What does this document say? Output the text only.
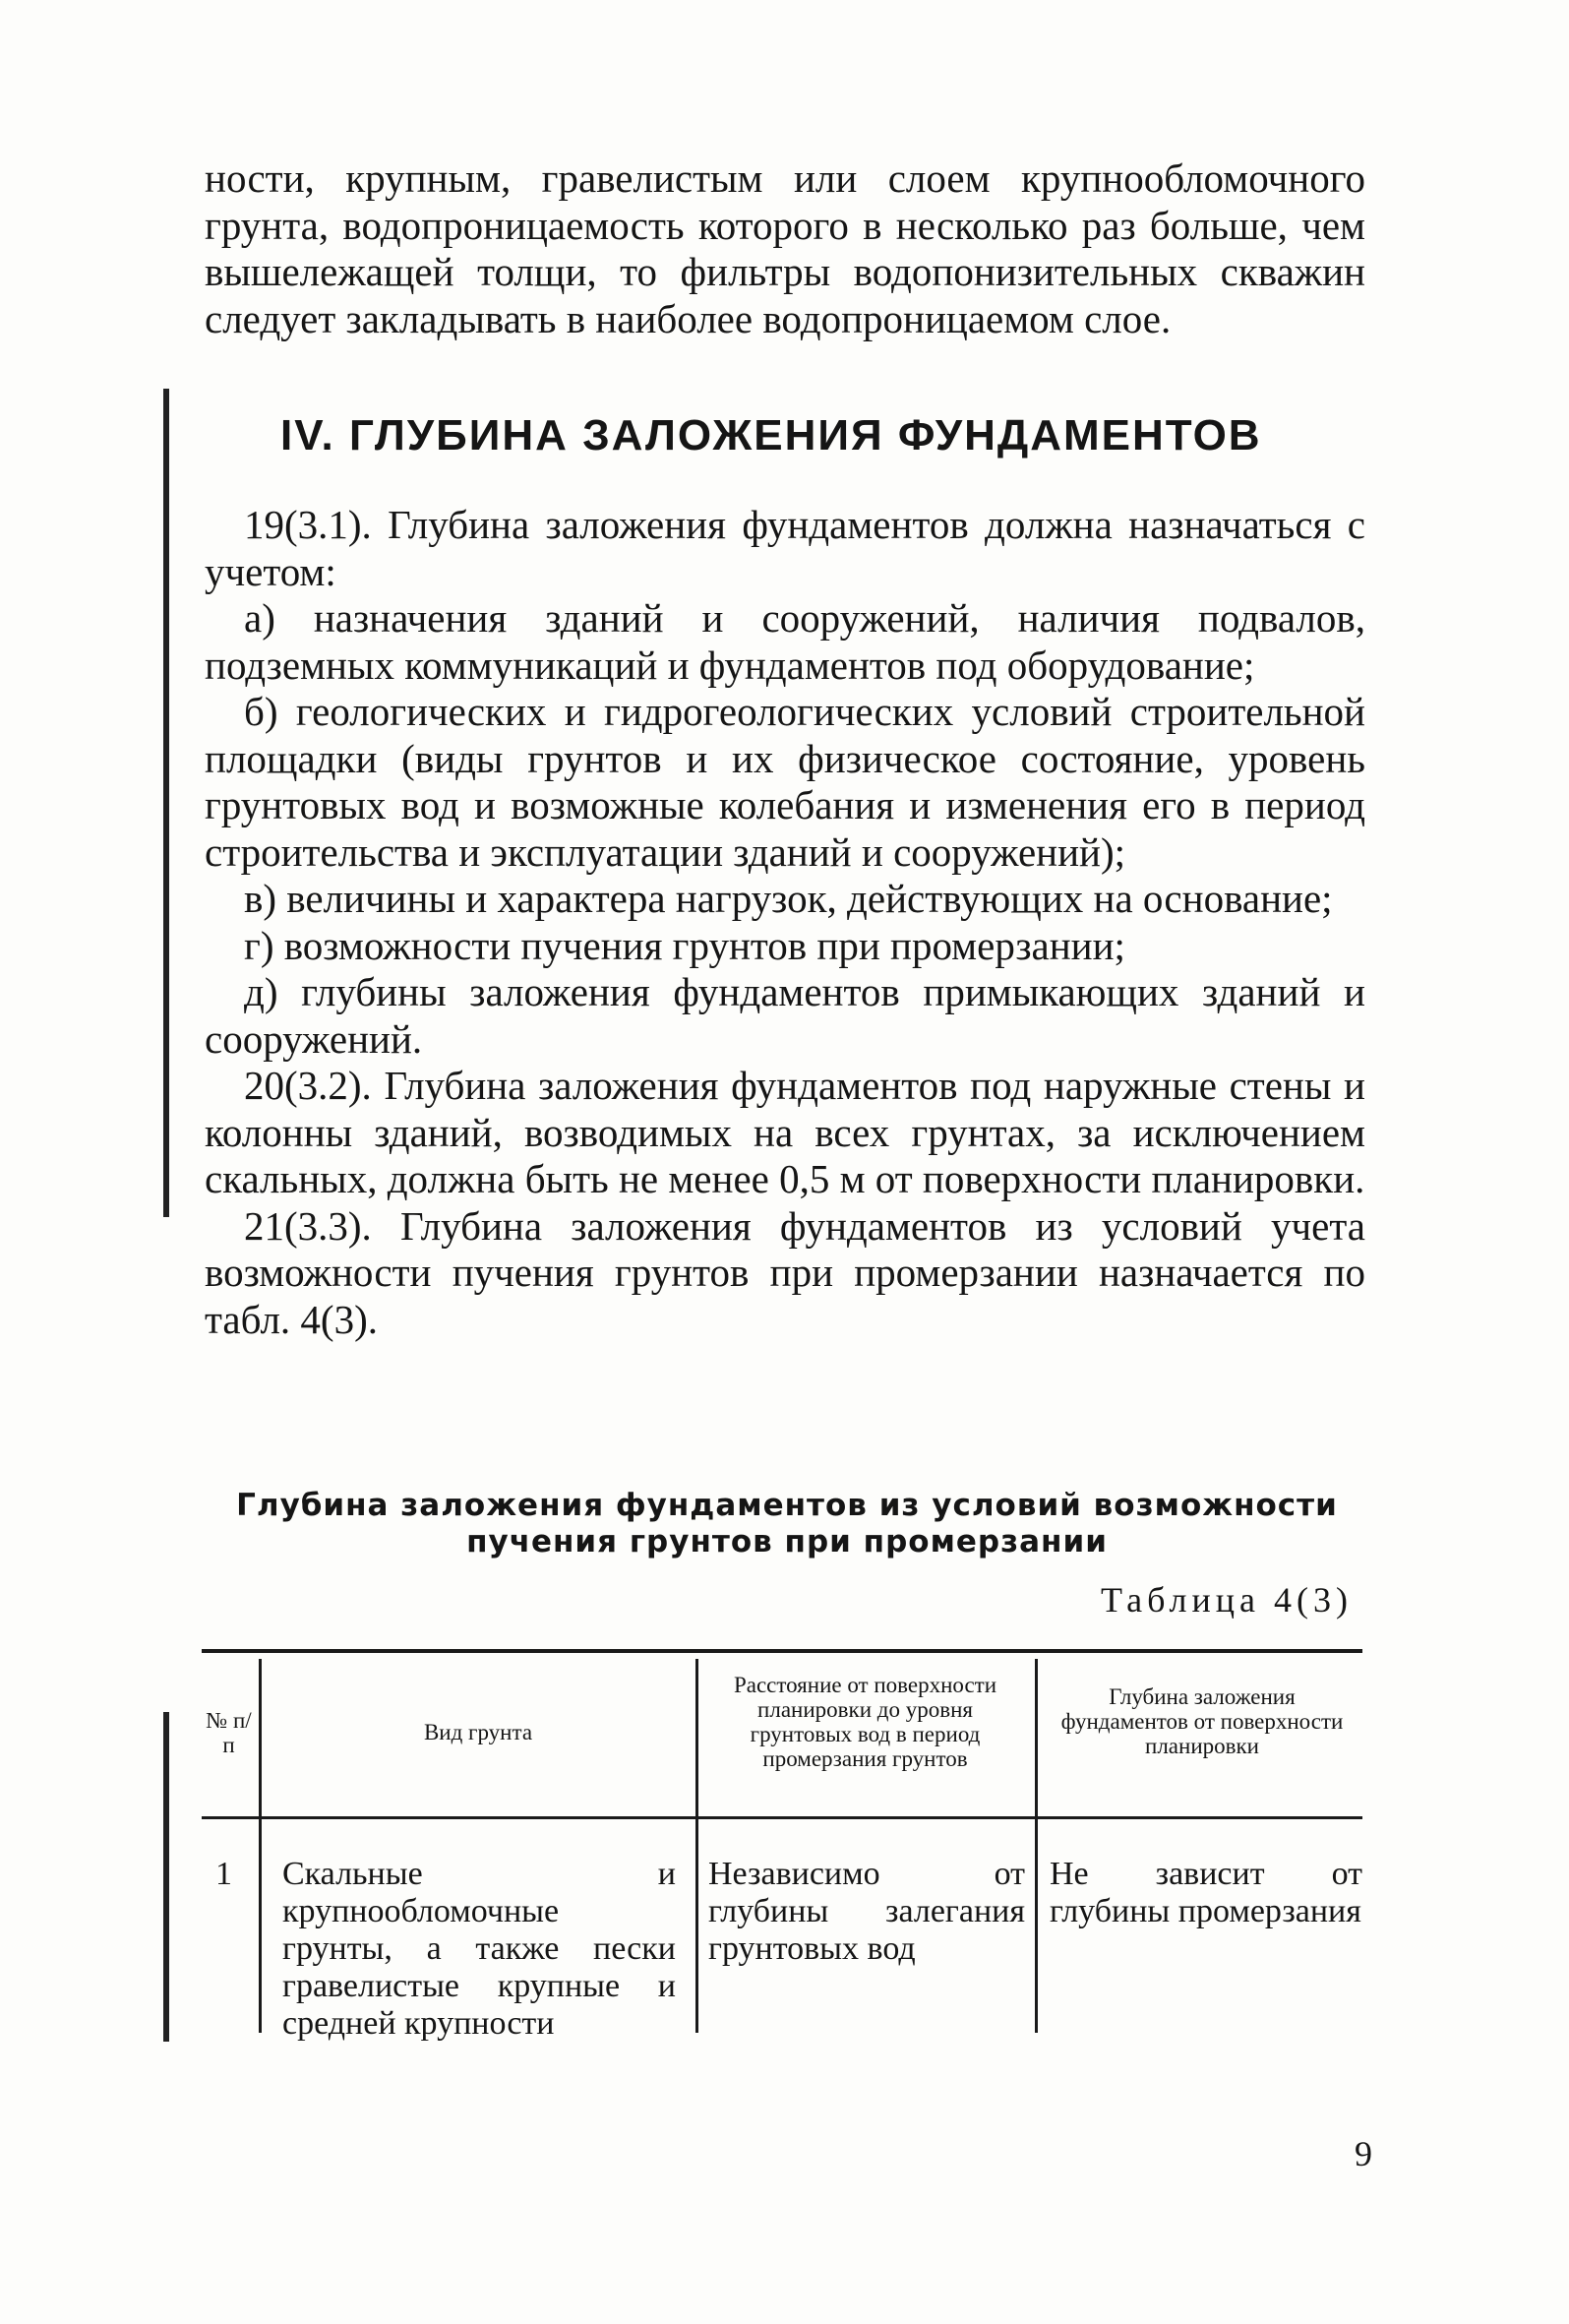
ности, крупным, гравелистым или слоем крупнообломочного грунта, водопроницаемость которого в несколько раз больше, чем вышележащей толщи, то фильтры водопонизительных скважин следует закладывать в наиболее водопроницаемом слое.

IV. ГЛУБИНА ЗАЛОЖЕНИЯ ФУНДАМЕНТОВ

19(3.1). Глубина заложения фундаментов должна назначаться с учетом:

а) назначения зданий и сооружений, наличия подвалов, подземных коммуникаций и фундаментов под оборудование;

б) геологических и гидрогеологических условий строительной площадки (виды грунтов и их физическое состояние, уровень грунтовых вод и возможные колебания и изменения его в период строительства и эксплуатации зданий и сооружений);

в) величины и характера нагрузок, действующих на основание;

г) возможности пучения грунтов при промерзании;

д) глубины заложения фундаментов примыкающих зданий и сооружений.

20(3.2). Глубина заложения фундаментов под наружные стены и колонны зданий, возводимых на всех грунтах, за исключением скальных, должна быть не менее 0,5 м от поверхности планировки.

21(3.3). Глубина заложения фундаментов из условий учета возможности пучения грунтов при промерзании назначается по табл. 4(3).

Глубина заложения фундаментов из условий возможности
пучения грунтов при промерзании
Таблица 4(3)
№ п/п
Вид грунта
Расстояние от поверхности планировки до уровня грунтовых вод в период промерзания грунтов
Глубина заложения фундаментов от поверхности планировки
1	Скальные и крупнообломочные грунты, а также пески гравелистые крупные и средней крупности
Независимо от глубины залегания грунтовых вод
Не зависит от глубины промерзания
9
